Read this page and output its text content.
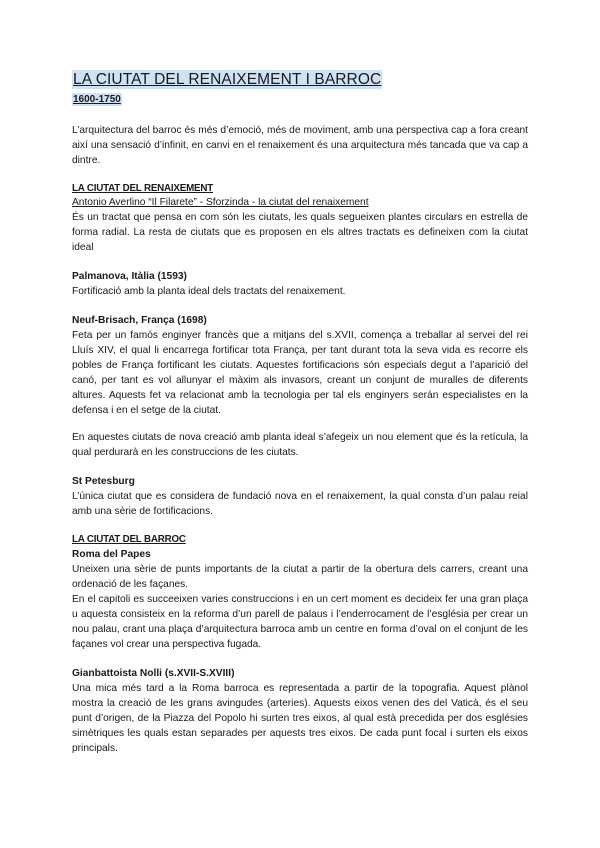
LA CIUTAT DEL RENAIXEMENT I BARROC
1600-1750

L’arquitectura del barroc és més d’emoció, més de moviment, amb una perspectiva cap a fora creant així una sensació d’infinit, en canvi en el renaixement és una arquitectura més tancada que va cap a dintre.

LA CIUTAT DEL RENAIXEMENT

Antonio Averlino “Il Filarete” - Sforzinda - la ciutat del renaixement

És un tractat que pensa en com són les ciutats, les quals segueixen plantes circulars en estrella de forma radial. La resta de ciutats que es proposen en els altres tractats es defineixen com la ciutat ideal

Palmanova, Itàlia (1593)

Fortificació amb la planta ideal dels tractats del renaixement.

Neuf-Brisach, França (1698)

Feta per un famós enginyer francès que a mitjans del s.XVII, comença a treballar al servei del rei Lluís XIV, el qual li encarrega fortificar tota França, per tant durant tota la seva vida es recorre els pobles de França fortificant les ciutats. Aquestes fortificacions són especials degut a l’aparició del canó, per tant es vol allunyar el màxim als invasors, creant un conjunt de muralles de diferents altures. Aquests fet va relacionat amb la tecnologia per tal els enginyers serán especialistes en la defensa i en el setge de la ciutat.

En aquestes ciutats de nova creació amb planta ideal s’afegeix un nou element que és la retícula, la qual perdurarà en les construccions de les ciutats.

St Petesburg

L’única ciutat que es considera de fundació nova en el renaixement, la qual consta d’un palau reial amb una sèrie de fortificacions.

LA CIUTAT DEL BARROC
Roma del Papes

Uneixen una sèrie de punts importants de la ciutat a partir de la obertura dels carrers, creant una ordenació de les façanes.

En el capitoli es succeeixen varies construccions i en un cert moment es decideix fer una gran plaça u aquesta consisteix en la reforma d’un parell de palaus i l’enderrocament de l’església per crear un nou palau, crant una plaça d’arquitectura barroca amb un centre en forma d’oval on el conjunt de les façanes vol crear una perspectiva fugada.

Gianbattoista Nolli (s.XVII-S.XVIII)

Una mica més tard a la Roma barroca es representada a partir de la topografia. Aquest plànol mostra la creació de les grans avingudes (arteries). Aquests eixos venen des del Vaticà, és el seu punt d’origen, de la Piazza del Popolo hi surten tres eixos, al qual està precedida per dos esglésies simètriques les quals estan separades per aquests tres eixos. De cada punt focal i surten els eixos principals.
